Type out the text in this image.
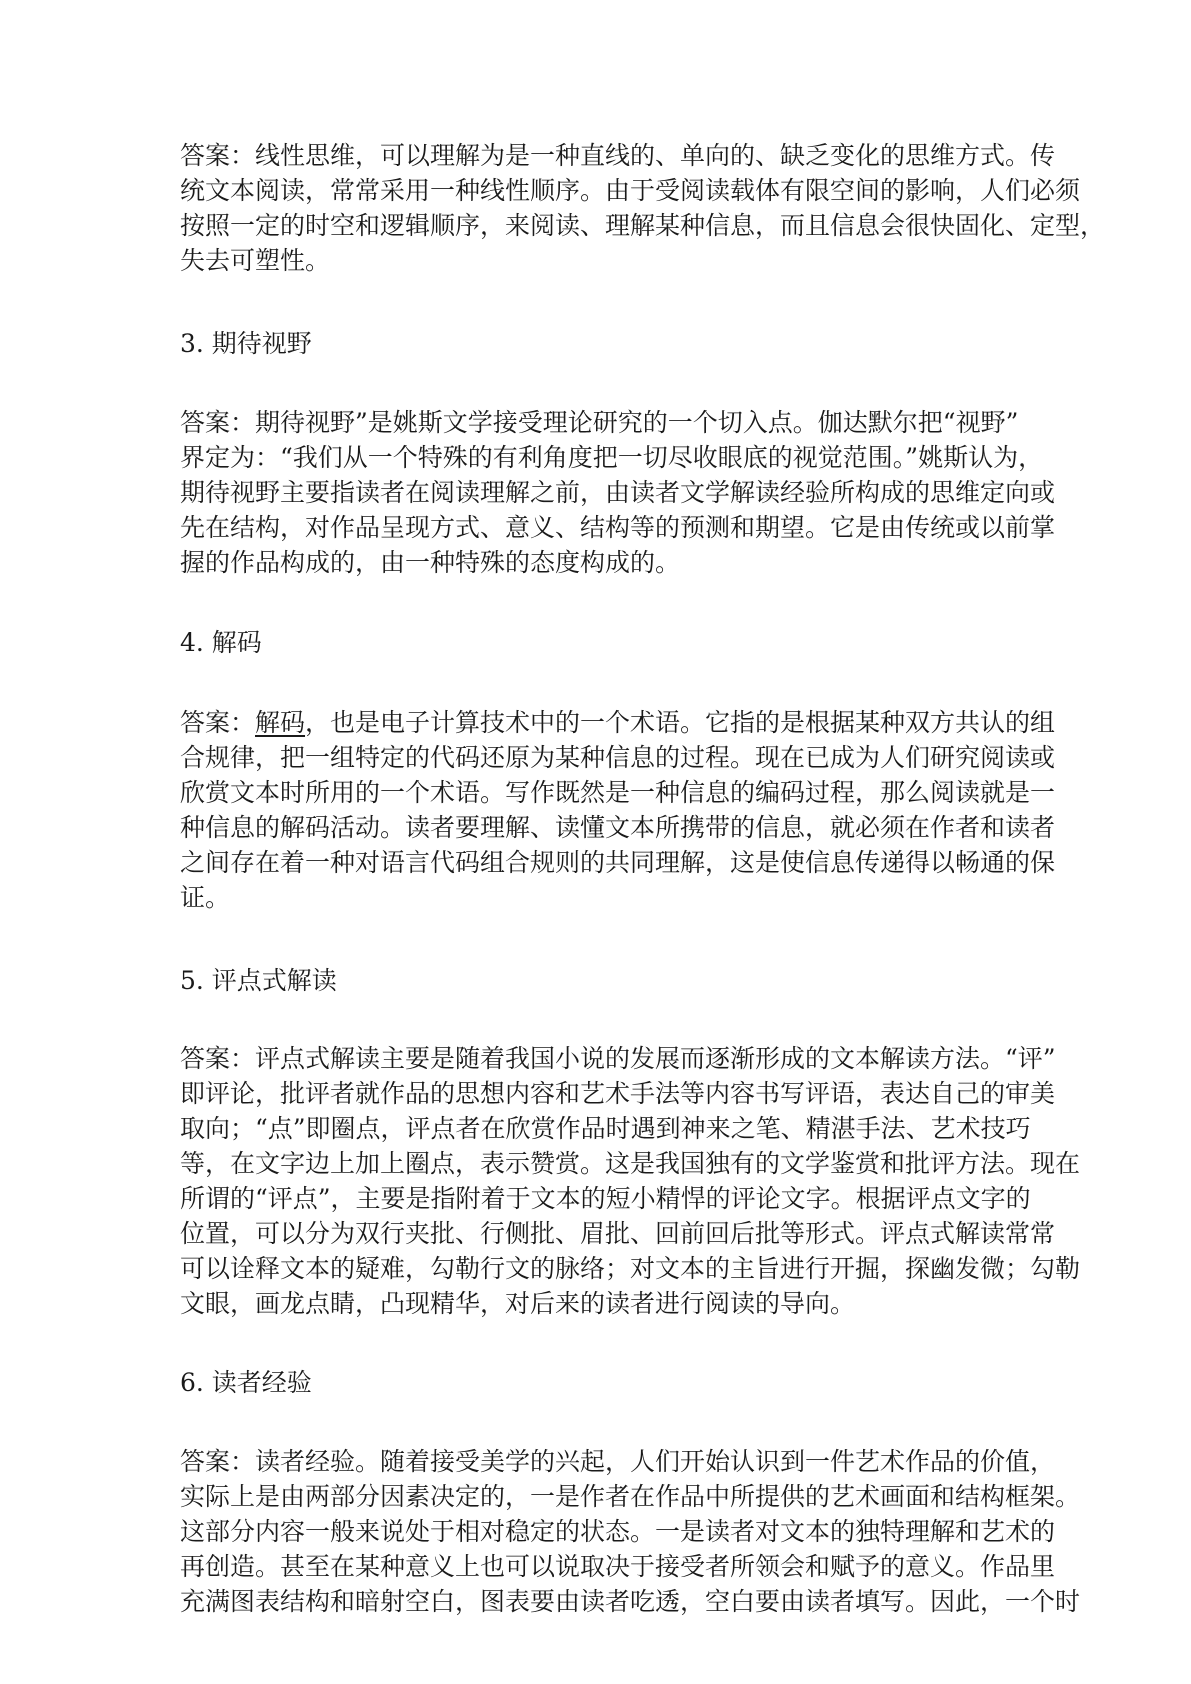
答案：线性思维，可以理解为是一种直线的、单向的、缺乏变化的思维方式。传
统文本阅读，常常采用一种线性顺序。由于受阅读载体有限空间的影响，人们必须
按照一定的时空和逻辑顺序，来阅读、理解某种信息，而且信息会很快固化、定型，
失去可塑性。

3. 期待视野

答案：期待视野”是姚斯文学接受理论研究的一个切入点。伽达默尔把“视野”
界定为：“我们从一个特殊的有利角度把一切尽收眼底的视觉范围。”姚斯认为，
期待视野主要指读者在阅读理解之前，由读者文学解读经验所构成的思维定向或
先在结构，对作品呈现方式、意义、结构等的预测和期望。它是由传统或以前掌
握的作品构成的，由一种特殊的态度构成的。

4. 解码

答案：解码，也是电子计算技术中的一个术语。它指的是根据某种双方共认的组
合规律，把一组特定的代码还原为某种信息的过程。现在已成为人们研究阅读或
欣赏文本时所用的一个术语。写作既然是一种信息的编码过程，那么阅读就是一
种信息的解码活动。读者要理解、读懂文本所携带的信息，就必须在作者和读者
之间存在着一种对语言代码组合规则的共同理解，这是使信息传递得以畅通的保
证。

5. 评点式解读

答案：评点式解读主要是随着我国小说的发展而逐渐形成的文本解读方法。“评”
即评论，批评者就作品的思想内容和艺术手法等内容书写评语，表达自己的审美
取向；“点”即圈点，评点者在欣赏作品时遇到神来之笔、精湛手法、艺术技巧
等，在文字边上加上圈点，表示赞赏。这是我国独有的文学鉴赏和批评方法。现在
所谓的“评点”，主要是指附着于文本的短小精悍的评论文字。根据评点文字的
位置，可以分为双行夹批、行侧批、眉批、回前回后批等形式。评点式解读常常
可以诠释文本的疑难，勾勒行文的脉络；对文本的主旨进行开掘，探幽发微；勾勒
文眼，画龙点睛，凸现精华，对后来的读者进行阅读的导向。

6. 读者经验

答案：读者经验。随着接受美学的兴起，人们开始认识到一件艺术作品的价值，
实际上是由两部分因素决定的，一是作者在作品中所提供的艺术画面和结构框架。
这部分内容一般来说处于相对稳定的状态。一是读者对文本的独特理解和艺术的
再创造。甚至在某种意义上也可以说取决于接受者所领会和赋予的意义。作品里
充满图表结构和暗射空白，图表要由读者吃透，空白要由读者填写。因此，一个时
